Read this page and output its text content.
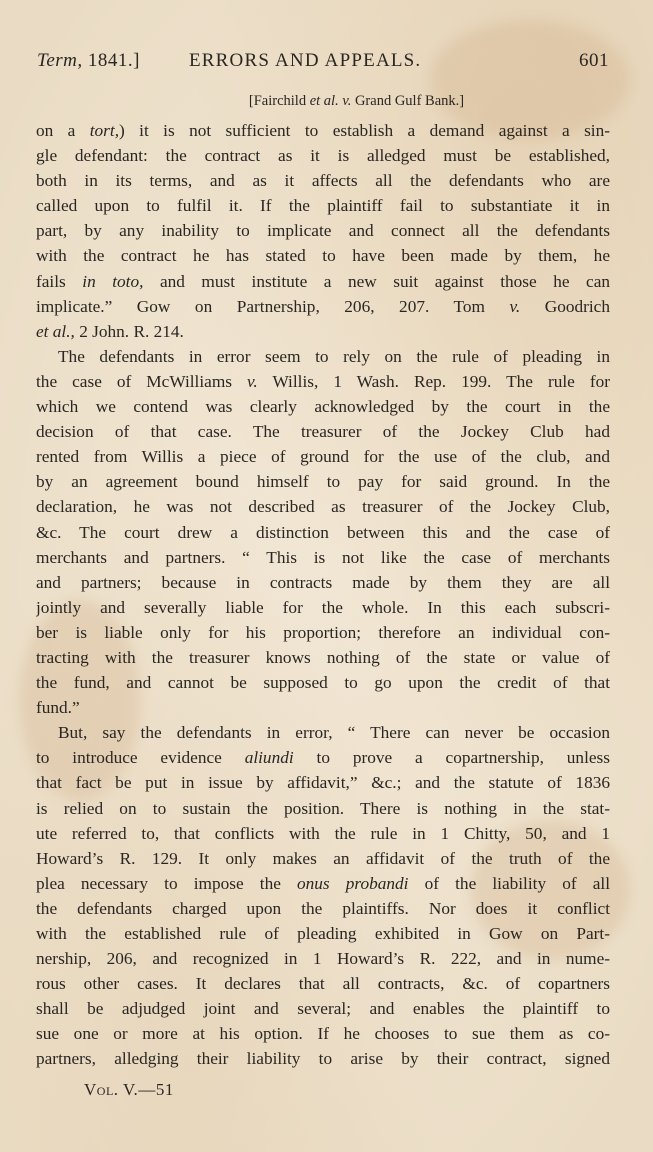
Term, 1841.]	ERRORS AND APPEALS.	601
[Fairchild et al. v. Grand Gulf Bank.]
on a tort,) it is not sufficient to establish a demand against a sin-
gle defendant: the contract as it is alledged must be established,
both in its terms, and as it affects all the defendants who are
called upon to fulfil it. If the plaintiff fail to substantiate it in
part, by any inability to implicate and connect all the defendants
with the contract he has stated to have been made by them, he
fails in toto, and must institute a new suit against those he can
implicate.” Gow on Partnership, 206, 207. Tom v. Goodrich
et al., 2 John. R. 214.
The defendants in error seem to rely on the rule of pleading in
the case of McWilliams v. Willis, 1 Wash. Rep. 199. The rule for
which we contend was clearly acknowledged by the court in the
decision of that case. The treasurer of the Jockey Club had
rented from Willis a piece of ground for the use of the club, and
by an agreement bound himself to pay for said ground. In the
declaration, he was not described as treasurer of the Jockey Club,
&c. The court drew a distinction between this and the case of
merchants and partners. “ This is not like the case of merchants
and partners; because in contracts made by them they are all
jointly and severally liable for the whole. In this each subscri-
ber is liable only for his proportion; therefore an individual con-
tracting with the treasurer knows nothing of the state or value of
the fund, and cannot be supposed to go upon the credit of that
fund.”
But, say the defendants in error, “ There can never be occasion
to introduce evidence aliundi to prove a copartnership, unless
that fact be put in issue by affidavit,” &c.; and the statute of 1836
is relied on to sustain the position. There is nothing in the stat-
ute referred to, that conflicts with the rule in 1 Chitty, 50, and 1
Howard’s R. 129. It only makes an affidavit of the truth of the
plea necessary to impose the onus probandi of the liability of all
the defendants charged upon the plaintiffs. Nor does it conflict
with the established rule of pleading exhibited in Gow on Part-
nership, 206, and recognized in 1 Howard’s R. 222, and in nume-
rous other cases. It declares that all contracts, &c. of copartners
shall be adjudged joint and several; and enables the plaintiff to
sue one or more at his option. If he chooses to sue them as co-
partners, alledging their liability to arise by their contract, signed
Vol. V.—51
